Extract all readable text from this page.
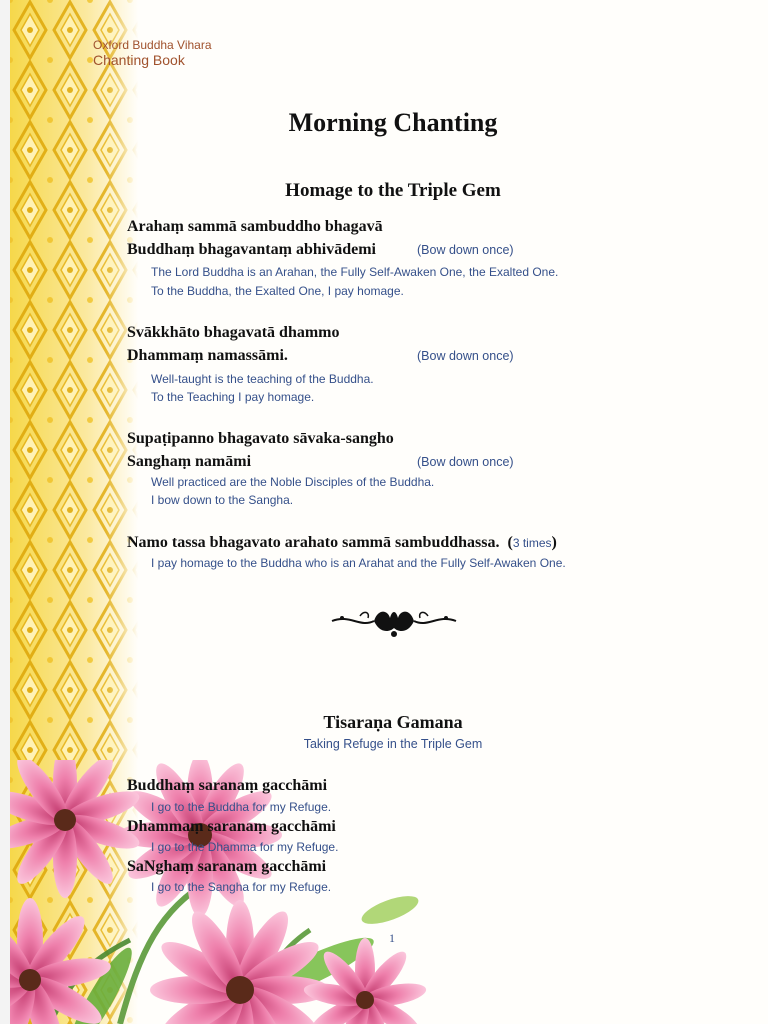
Oxford Buddha Vihara
Chanting Book
Morning Chanting
Homage to the Triple Gem
Arahaṃ sammā sambuddho bhagavā
Buddhaṃ bhagavantaṃ abhivādemi	(Bow down once)
The Lord Buddha is an Arahan, the Fully Self-Awaken One, the Exalted One.
To the Buddha, the Exalted One, I pay homage.
Svākkhāto bhagavatā dhammo
Dhammaṃ namassāmi.	(Bow down once)
Well-taught is the teaching of the Buddha.
To the Teaching I pay homage.
Supaṭipanno bhagavato sāvaka-sangho
Sanghaṃ namāmi	(Bow down once)
Well practiced are the Noble Disciples of the Buddha.
I bow down to the Sangha.
Namo tassa bhagavato arahato sammā sambuddhassa. (3 times)
I pay homage to the Buddha who is an Arahat and the Fully Self-Awaken One.
Tisaraṇa Gamana
Taking Refuge in the Triple Gem
Buddhaṃ saranaṃ gacchāmi
I go to the Buddha for my Refuge.
Dhammaṃ saranaṃ gacchāmi
I go to the Dhamma for my Refuge.
SaNghaṃ saranaṃ gacchāmi
I go to the Sangha for my Refuge.
1
